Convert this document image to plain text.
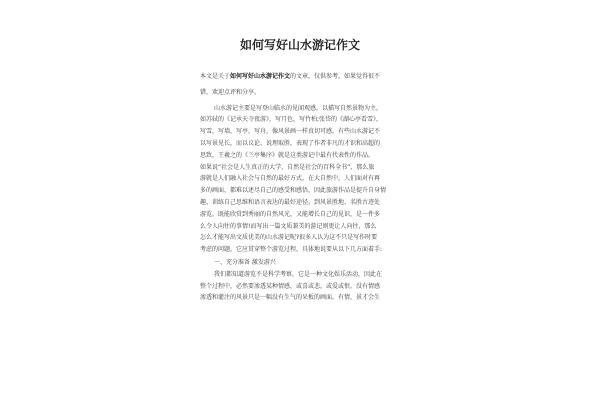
如何写好山水游记作文

本文是关于如何写好山水游记作文的文章，仅供参考，如果觉得很不

错，欢迎点评和分享。

山水游记主要是写登山临水的见闻观感，以描写自然景物为主，

如苏轼的《记承天寺夜游》，写月色，写竹柏;张岱的《湖心亭看雪》，

写雪，写墙，写亭，写舟，像风景画一样真切可感。有些山水游记不

以写景见长，而以议论、说理取胜，表现了作者非凡的才识和高超的

思致，王羲之的《兰亭集序》就是这类游记中最有代表性的作品。

如果说“社会是人生真正的大学，自然是社会的百科全书”，那么旅

游就是人们融入社会与自然的最好方式。在大自然中，人们面对有再

多的画面，都难以述尽自己的感受和感悟，因此旅游作品是提升自身情

趣、训练自己思维和语言表达的最好途径。到风景胜地、名胜古迹处

游览，既能欣赏到秀丽的自然风光，又能增长自己的见识，是一件多

么令人向往的事情!而写出一篇文质兼美的游记则更让人向往，那么

怎么才能写出文质优美的山水游记呢?很多人认为这不只是写作时要

考虑的问题，它应贯穿整个游览过程，具体地说要从以下几方面着手:

一、充分准备 激发游兴

我们都知道游览不是科学考察，它是一种文化娱乐活动，因此在

整个过程中，必然要渗透某种情感，或喜或悲，或爱或恨。没有情感

渗透和灌注的风景只是一幅没有生气的呆板的画面。有情，景才会生
